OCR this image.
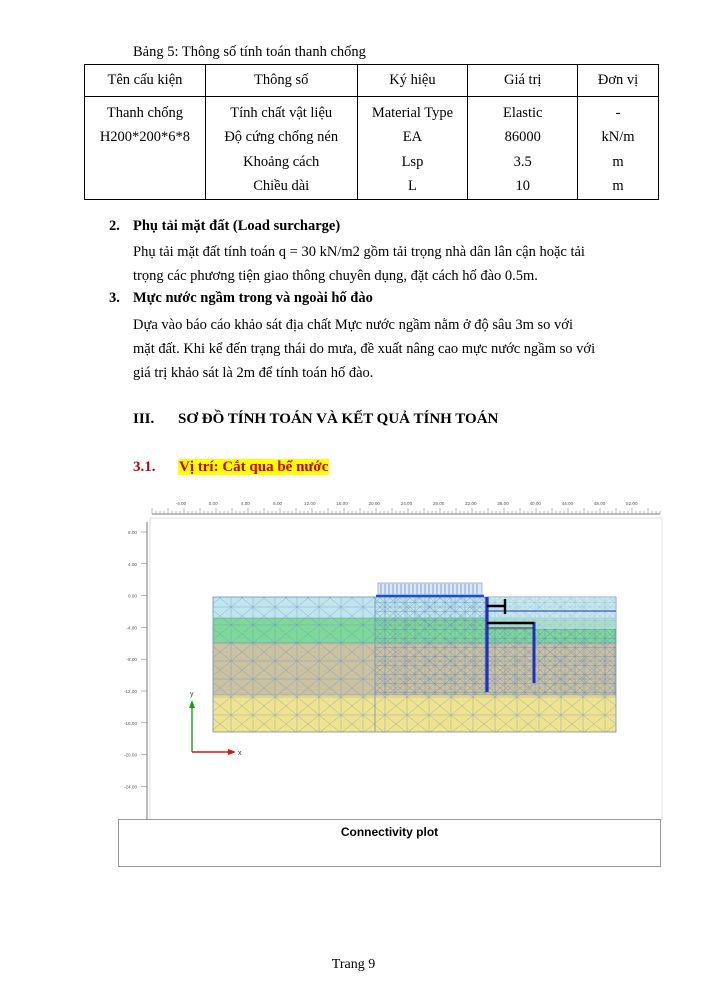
Bảng 5: Thông số tính toán thanh chống
Tên cấu kiện	Thông số	Ký hiệu	Giá trị	Đơn vị
Thanh chống	Tính chất vật liệu	Material Type	Elastic	-
H200*200*6*8	Độ cứng chống nén	EA	86000	kN/m
	Khoảng cách	Lsp	3.5	m
	Chiều dài	L	10	m
2. Phụ tải mặt đất (Load surcharge)
Phụ tải mặt đất tính toán q = 30 kN/m2 gồm tải trọng nhà dân lân cận hoặc tải
trọng các phương tiện giao thông chuyên dụng, đặt cách hố đào 0.5m.
3. Mực nước ngầm trong và ngoài hố đào
Dựa vào báo cáo khảo sát địa chất Mực nước ngầm nằm ở độ sâu 3m so với
mặt đất. Khi kể đến trạng thái do mưa, đề xuất nâng cao mực nước ngầm so với
giá trị khảo sát là 2m để tính toán hố đào.
III. SƠ ĐỒ TÍNH TOÁN VÀ KẾT QUẢ TÍNH TOÁN
3.1. Vị trí: Cắt qua bể nước
-4.00	0.00	4.00	8.00	12.00	16.00	20.00	24.00	28.00	32.00	36.00	40.00	44.00	48.00	52.00
8.00
4.00
0.00
-4.00
-8.00
-12.00
-16.00
-20.00
-24.00
y
x
Connectivity plot
Trang 9
